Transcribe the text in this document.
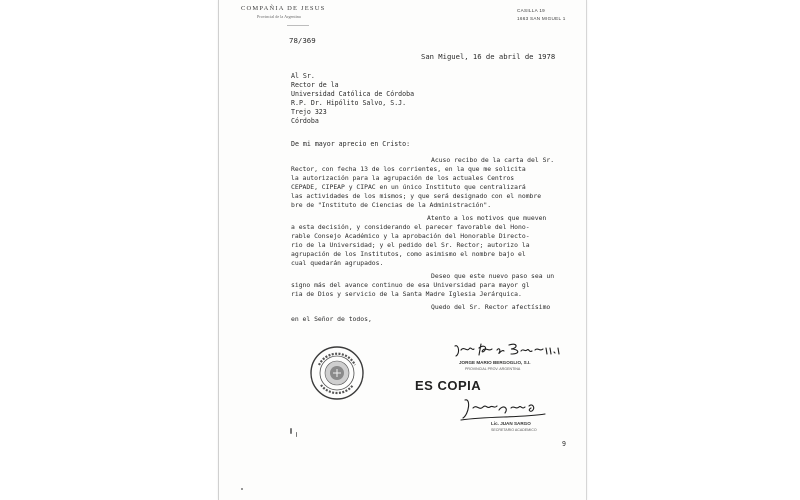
COMPAÑIA DE JESUS
Provincial de la Argentina
CASILLA 19
1663 SAN MIGUEL 1
78/369
San Miguel, 16 de abril de 1978
Al Sr.
Rector de la
Universidad Católica de Córdoba
R.P. Dr. Hipólito Salvo, S.J.
Trejo 323
Córdoba
De mi mayor aprecio en Cristo:
Acuso recibo de la carta del Sr.
Rector, con fecha 13 de los corrientes, en la que me solicita
la autorización para la agrupación de los actuales Centros
CEPADE, CIPEAP y CIPAC en un único Instituto que centralizará
las actividades de los mismos; y que será designado con el nombre
bre de "Instituto de Ciencias de la Administración".
Atento a los motivos que mueven
a esta decisión, y considerando el parecer favorable del Hono-
rable Consejo Académico y la aprobación del Honorable Directo-
rio de la Universidad; y el pedido del Sr. Rector; autorizo la
agrupación de los Institutos, como asimismo el nombre bajo el
cual quedarán agrupados.
Deseo que este nuevo paso sea un
signo más del avance continuo de esa Universidad para mayor gl
ria de Dios y servicio de la Santa Madre Iglesia Jerárquica.
Quedo del Sr. Rector afectísimo
en el Señor de todos,
JORGE MARIO BERGOGLIO, S.I.
PROVINCIAL PROV. ARGENTINA
ES COPIA
Lic. JUAN SARGO
SECRETARIO ACADEMICO
9
